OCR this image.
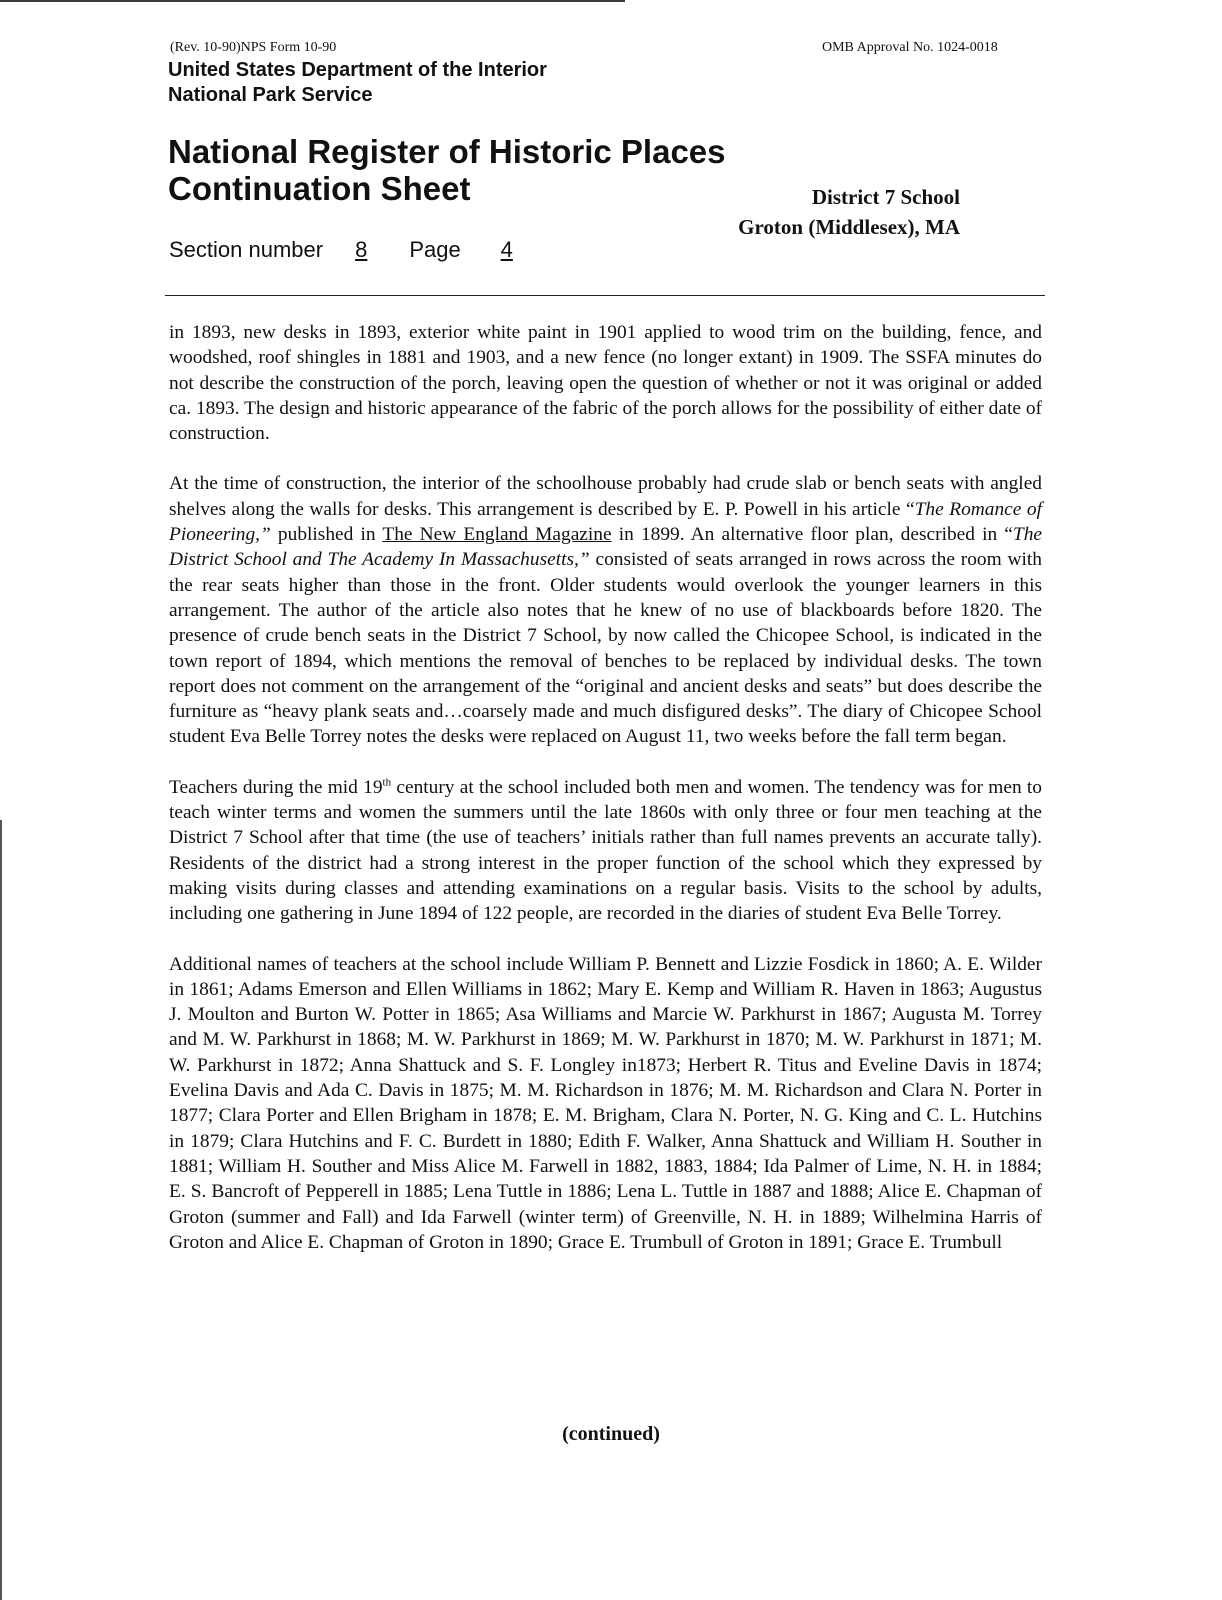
(Rev. 10-90)NPS Form 10-90	OMB Approval No. 1024-0018
United States Department of the Interior
National Park Service
National Register of Historic Places
Continuation Sheet	District 7 School
Groton (Middlesex), MA
Section number 8 Page 4

in 1893, new desks in 1893, exterior white paint in 1901 applied to wood trim on the building, fence, and woodshed, roof shingles in 1881 and 1903, and a new fence (no longer extant) in 1909. The SSFA minutes do not describe the construction of the porch, leaving open the question of whether or not it was original or added ca. 1893. The design and historic appearance of the fabric of the porch allows for the possibility of either date of construction.

At the time of construction, the interior of the schoolhouse probably had crude slab or bench seats with angled shelves along the walls for desks. This arrangement is described by E. P. Powell in his article “The Romance of Pioneering,” published in The New England Magazine in 1899. An alternative floor plan, described in “The District School and The Academy In Massachusetts,” consisted of seats arranged in rows across the room with the rear seats higher than those in the front. Older students would overlook the younger learners in this arrangement. The author of the article also notes that he knew of no use of blackboards before 1820. The presence of crude bench seats in the District 7 School, by now called the Chicopee School, is indicated in the town report of 1894, which mentions the removal of benches to be replaced by individual desks. The town report does not comment on the arrangement of the “original and ancient desks and seats” but does describe the furniture as “heavy plank seats and…coarsely made and much disfigured desks”. The diary of Chicopee School student Eva Belle Torrey notes the desks were replaced on August 11, two weeks before the fall term began.

Teachers during the mid 19th century at the school included both men and women. The tendency was for men to teach winter terms and women the summers until the late 1860s with only three or four men teaching at the District 7 School after that time (the use of teachers’ initials rather than full names prevents an accurate tally). Residents of the district had a strong interest in the proper function of the school which they expressed by making visits during classes and attending examinations on a regular basis. Visits to the school by adults, including one gathering in June 1894 of 122 people, are recorded in the diaries of student Eva Belle Torrey.

Additional names of teachers at the school include William P. Bennett and Lizzie Fosdick in 1860; A. E. Wilder in 1861; Adams Emerson and Ellen Williams in 1862; Mary E. Kemp and William R. Haven in 1863; Augustus J. Moulton and Burton W. Potter in 1865; Asa Williams and Marcie W. Parkhurst in 1867; Augusta M. Torrey and M. W. Parkhurst in 1868; M. W. Parkhurst in 1869; M. W. Parkhurst in 1870; M. W. Parkhurst in 1871; M. W. Parkhurst in 1872; Anna Shattuck and S. F. Longley in1873; Herbert R. Titus and Eveline Davis in 1874; Evelina Davis and Ada C. Davis in 1875; M. M. Richardson in 1876; M. M. Richardson and Clara N. Porter in 1877; Clara Porter and Ellen Brigham in 1878; E. M. Brigham, Clara N. Porter, N. G. King and C. L. Hutchins in 1879; Clara Hutchins and F. C. Burdett in 1880; Edith F. Walker, Anna Shattuck and William H. Souther in 1881; William H. Souther and Miss Alice M. Farwell in 1882, 1883, 1884; Ida Palmer of Lime, N. H. in 1884; E. S. Bancroft of Pepperell in 1885; Lena Tuttle in 1886; Lena L. Tuttle in 1887 and 1888; Alice E. Chapman of Groton (summer and Fall) and Ida Farwell (winter term) of Greenville, N. H. in 1889; Wilhelmina Harris of Groton and Alice E. Chapman of Groton in 1890; Grace E. Trumbull of Groton in 1891; Grace E. Trumbull

(continued)
